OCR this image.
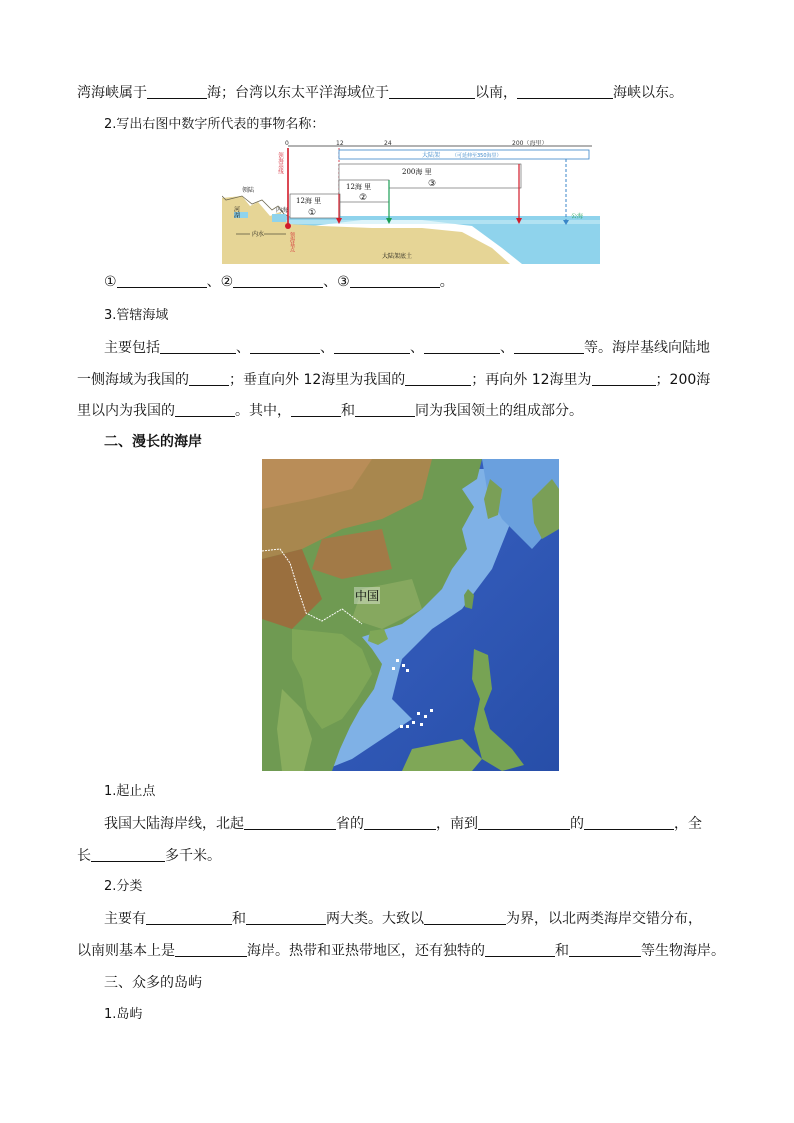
湾海峡属于	海；台湾以东太平洋海域位于	以南，	海峡以东。
2.写出右图中数字所代表的事物名称：
0	12	24	200（海里）
领海基线	大陆架 （可延伸至350海里）
200海 里
③
12海 里
②
12海 里
①
领陆
河湖	内海
内水	领海基点
公海
大陆架底土
①	、②	、③	。
3.管辖海域
主要包括	、	、	、	、	等。海岸基线向陆地
一侧海域为我国的	；垂直向外 12海里为我国的	；再向外 12海里为	；200海
里以内为我国的	。其中，	和	同为我国领土的组成部分。
二、漫长的海岸
中国
1.起止点
我国大陆海岸线，北起	省的	，南到	的	，全
长	多千米。
2.分类
主要有	和	两大类。大致以	为界，以北两类海岸交错分布，
以南则基本上是	海岸。热带和亚热带地区，还有独特的	和	等生物海岸。
三、众多的岛屿
1.岛屿
